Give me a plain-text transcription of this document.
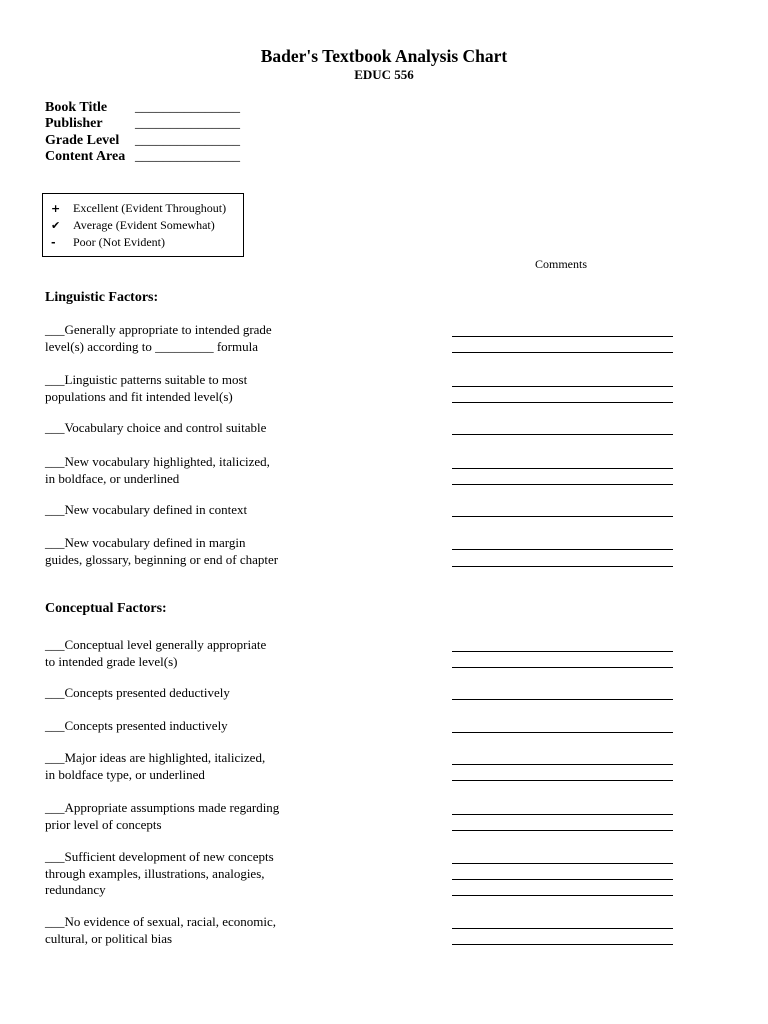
Bader's Textbook Analysis Chart
EDUC 556
Book Title _______________
Publisher _______________
Grade Level _______________
Content Area _______________
+	Excellent (Evident Throughout)
✔	Average (Evident Somewhat)
-	Poor (Not Evident)
Comments
Linguistic Factors:
___Generally appropriate to intended grade
level(s) according to _________ formula
___Linguistic patterns suitable to most
populations and fit intended level(s)
___Vocabulary choice and control suitable
___New vocabulary highlighted, italicized,
in boldface, or underlined
___New vocabulary defined in context
___New vocabulary defined in margin
guides, glossary, beginning or end of chapter
Conceptual Factors:
___Conceptual level generally appropriate
to intended grade level(s)
___Concepts presented deductively
___Concepts presented inductively
___Major ideas are highlighted, italicized,
in boldface type, or underlined
___Appropriate assumptions made regarding
prior level of concepts
___Sufficient development of new concepts
through examples, illustrations, analogies,
redundancy
___No evidence of sexual, racial, economic,
cultural, or political bias
